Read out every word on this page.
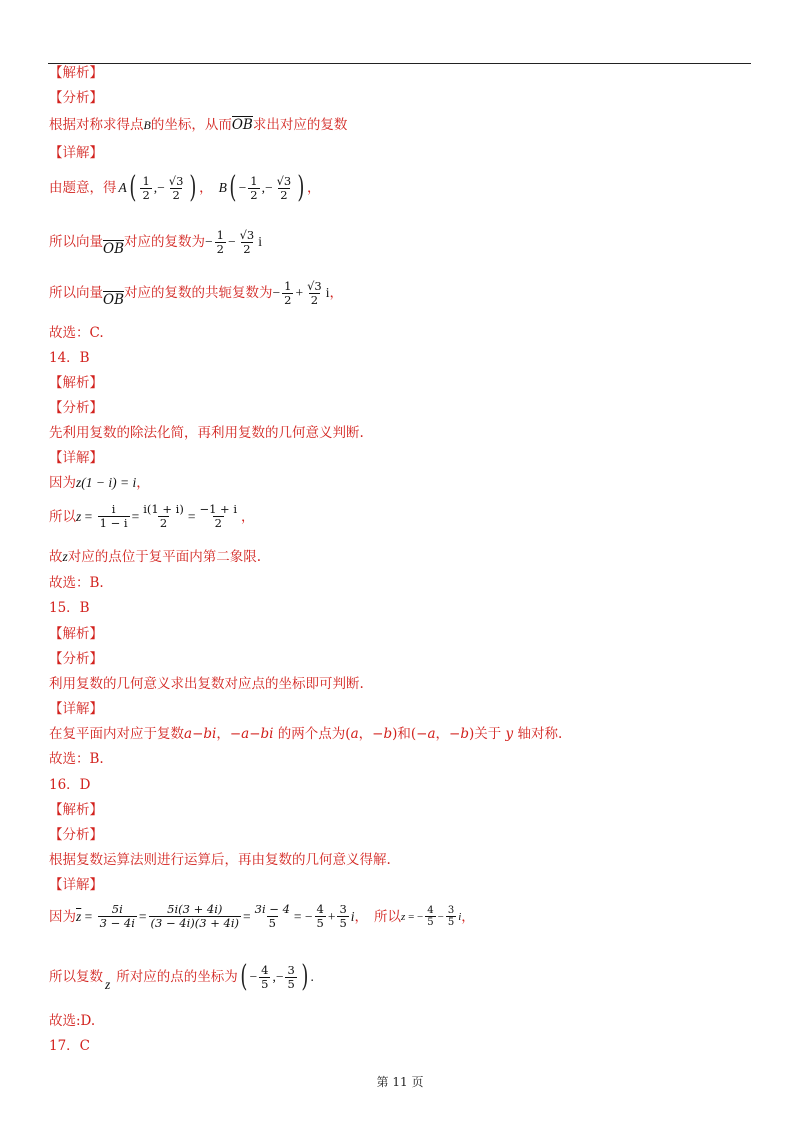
【解析】
【分析】
根据对称求得点B的坐标，从而OB求出对应的复数
【详解】
由题意，得 A ( $\frac{1}{2}$ ,− $\frac{√3}{2}$ ) ， B ( − $\frac{1}{2}$ ,− $\frac{√3}{2}$ ) ，
所以向量 OB 对应的复数为 − $\frac{1}{2} - \frac{√3}{2}$ i
所以向量 OB 对应的复数的共轭复数为 − $\frac{1}{2} + \frac{√3}{2}$ i ，
故选：C.
14．B
【解析】
【分析】
先利用复数的除法化简，再利用复数的几何意义判断.
【详解】
因为z(1 − i) = i，
所以 $z = \frac{i}{1 - i} = \frac{i(1 + i)}{2} = \frac{-1 + i}{2}$ ，
故z对应的点位于复平面内第二象限.
故选：B.
15．B
【解析】
【分析】
利用复数的几何意义求出复数对应点的坐标即可判断.
【详解】
在复平面内对应于复数a−bi，−a−bi 的两个点为(a，−b)和(−a，−b)关于 y 轴对称.
故选：B.
16．D
【解析】
【分析】
根据复数运算法则进行运算后，再由复数的几何意义得解.
【详解】
因为 $\overline{z} = \frac{5i}{3 - 4i} = \frac{5i(3 + 4i)}{(3 - 4i)(3 + 4i)} = \frac{3i - 4}{5}$ = − $\frac{4}{5} + \frac{3}{5}$ i ， 所以 z = − $\frac{4}{5} - \frac{3}{5}$ i ，
所以复数 z 所对应的点的坐标为 ( − $\frac{4}{5}$ ,− $\frac{3}{5}$ ) .
故选:D.
17．C
第 11 页
